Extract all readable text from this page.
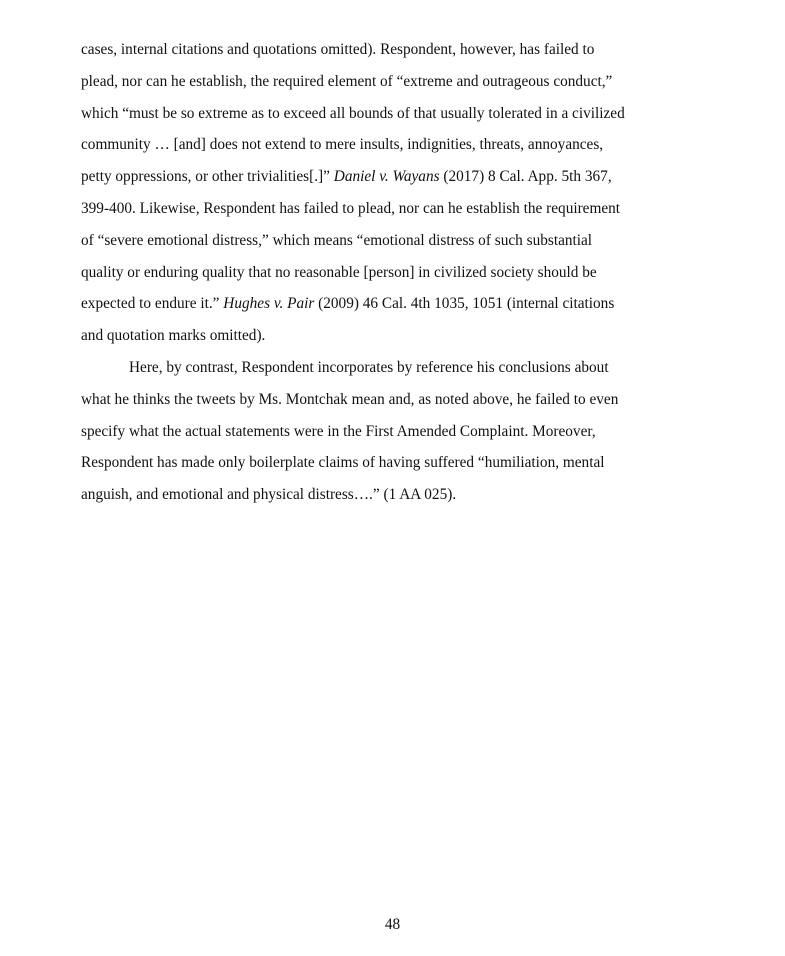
cases, internal citations and quotations omitted). Respondent, however, has failed to
plead, nor can he establish, the required element of “extreme and outrageous conduct,”
which “must be so extreme as to exceed all bounds of that usually tolerated in a civilized
community … [and] does not extend to mere insults, indignities, threats, annoyances,
petty oppressions, or other trivialities[.]” Daniel v. Wayans (2017) 8 Cal. App. 5th 367,
399-400. Likewise, Respondent has failed to plead, nor can he establish the requirement
of “severe emotional distress,” which means “emotional distress of such substantial
quality or enduring quality that no reasonable [person] in civilized society should be
expected to endure it.” Hughes v. Pair (2009) 46 Cal. 4th 1035, 1051 (internal citations
and quotation marks omitted).
Here, by contrast, Respondent incorporates by reference his conclusions about
what he thinks the tweets by Ms. Montchak mean and, as noted above, he failed to even
specify what the actual statements were in the First Amended Complaint. Moreover,
Respondent has made only boilerplate claims of having suffered “humiliation, mental
anguish, and emotional and physical distress….” (1 AA 025).
48
